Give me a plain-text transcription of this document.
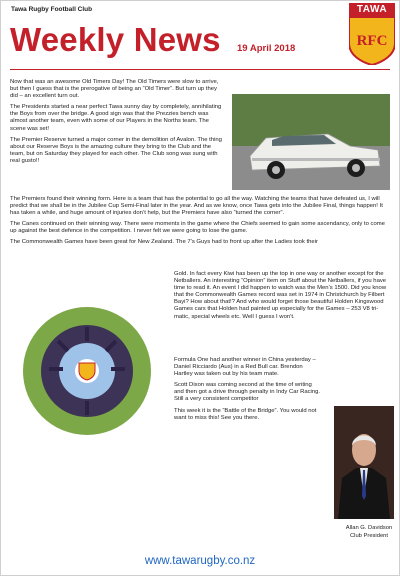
Tawa Rugby Football Club
Weekly News 19 April 2018
TAWA
RFC

Now that was an awesome Old Timers Day! The Old Timers were slow to arrive, but then I guess that is the prerogative of being an “Old Timer”. But turn up they did – an excellent turn out.

The Presidents started a near perfect Tawa sunny day by completely, annihilating the Boys from over the bridge. A good sign was that the Prezzies bench was almost another team, even with some of our Players in the Norths team. The scene was set!

The Premier Reserve turned a major corner in the demolition of Avalon. The thing about our Reserve Boys is the amazing culture they bring to the Club and the team, but on Saturday they played for each other. The Club song was sung with real gusto!!

The Premiers found their winning form. Here is a team that has the potential to go all the way. Watching the teams that have defeated us, I will predict that we shall be in the Jubilee Cup Semi-Final later in the year. And as we know, once Tawa gets into the Jubilee Final, things happen! It has taken a while, and huge amount of injuries don’t help, but the Premiers have also “turned the corner”.

The Canes continued on their winning way. There were moments in the game where the Chiefs seemed to gain some ascendancy, only to come up against the best defence in the competition. I never felt we were going to lose the game.

The Commonwealth Games have been great for New Zealand. The 7’s Guys had to front up after the Ladies took their

Gold. In fact every Kiwi has been up the top in one way or another except for the Netballers. An interesting “Opinion” item on Stuff about the Netballers, if you have time to read it. An event I did happen to watch was the Men’s 1500. Did you know that the Commonwealth Games record was set in 1974 in Christchurch by Filbert Bayi? How about that!? And who would forget those beautiful Holden Kingswood Games cars that Holden had painted up especially for the Games – 253 V8 tri-matic, special wheels etc. Well I guess I won’t.

Formula One had another winner in China yesterday – Daniel Ricciardo (Aus) in a Red Bull car. Brendon Hartley was taken out by his team mate.

Scott Dixon was coming second at the time of writing and then got a drive through penalty in Indy Car Racing. Still a very consistent competitor

This week it is the “Battle of the Bridge”. You would not want to miss this! See you there.

Allan G. Davidson
Club President
www.tawarugby.co.nz
